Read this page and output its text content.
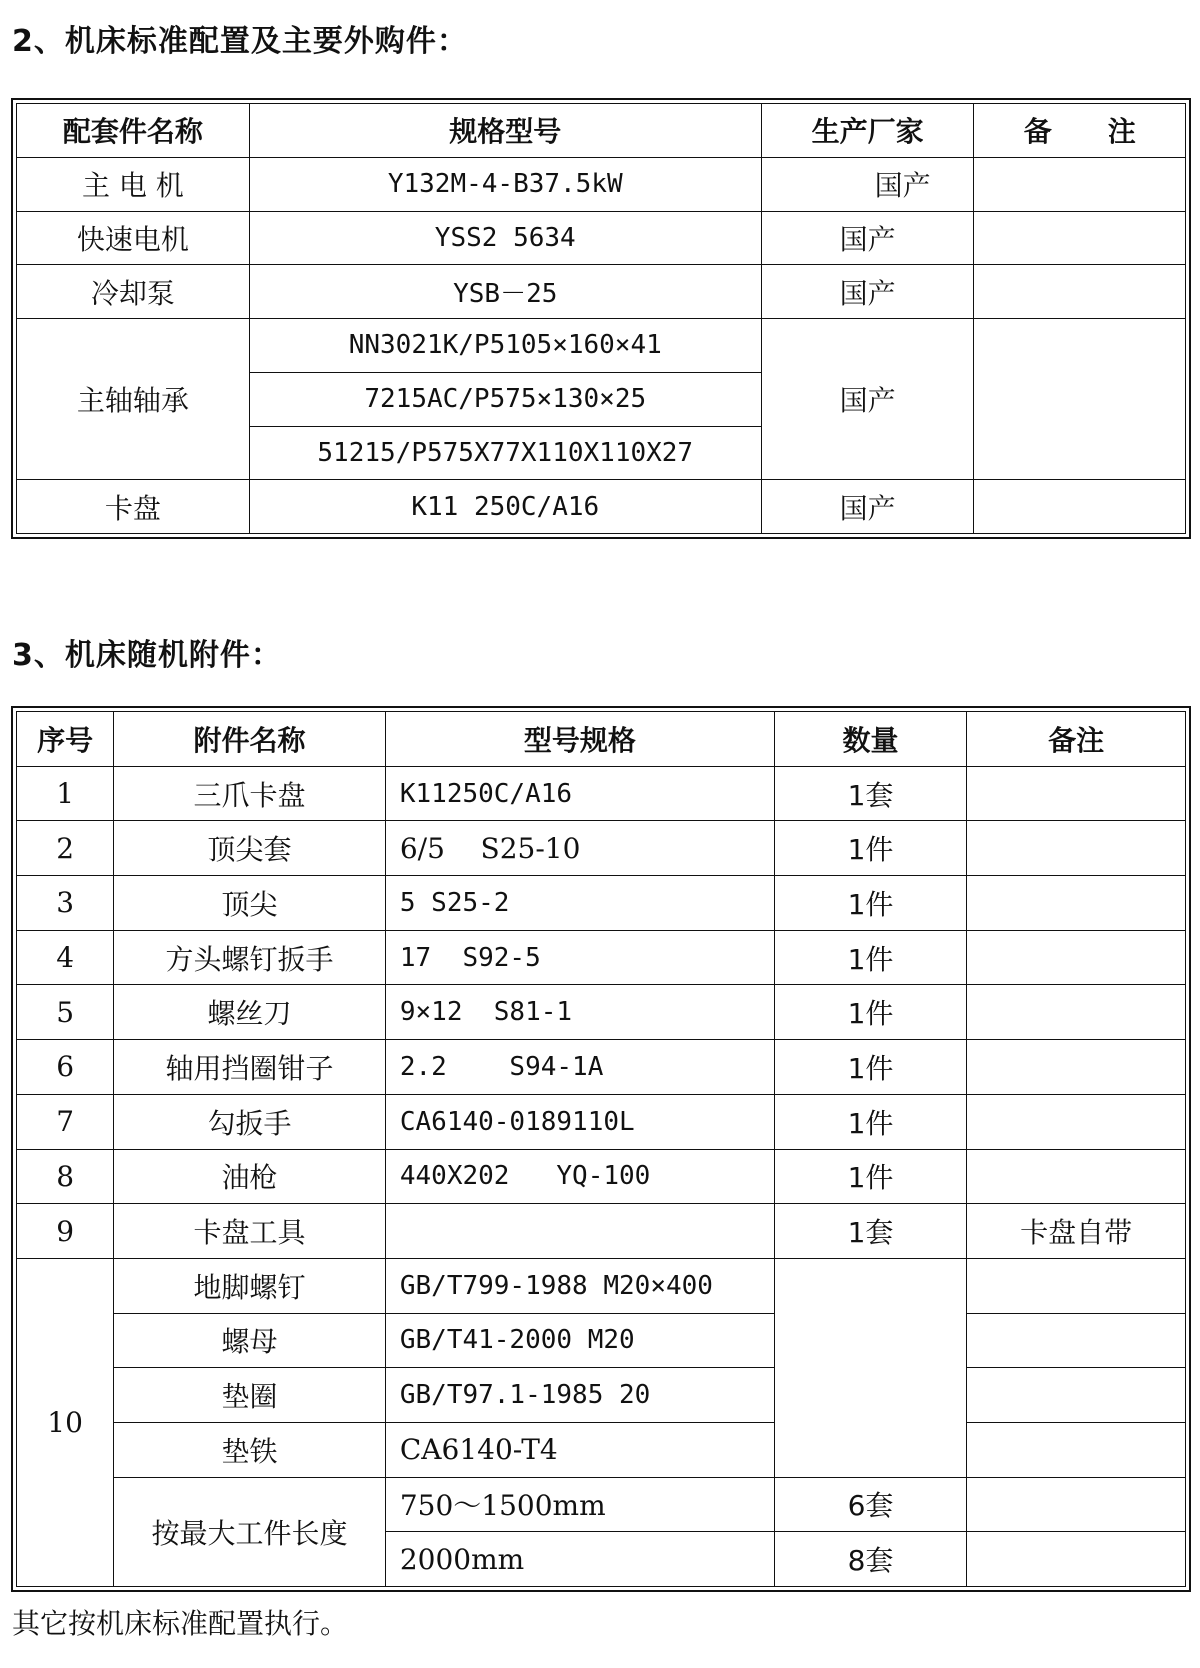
2、机床标准配置及主要外购件：
配套件名称	规格型号	生产厂家	备　　注
主 电 机	Y132M-4-B37.5kW	国产	
快速电机	YSS2 5634	国产	
冷却泵	YSB－25	国产	
主轴轴承	NN3021K/P5105×160×41	国产	
	7215AC/P575×130×25		
	51215/P575X77X110X110X27		
卡盘	K11 250C/A16	国产	
3、机床随机附件：
序号	附件名称	型号规格	数量	备注
1	三爪卡盘	K11250C/A16	1套	
2	顶尖套	6/5    S25-10	1件	
3	顶尖	5 S25-2	1件	
4	方头螺钉扳手	17  S92-5	1件	
5	螺丝刀	9×12  S81-1	1件	
6	轴用挡圈钳子	2.2    S94-1A	1件	
7	勾扳手	CA6140-0189110L	1件	
8	油枪	440X202   YQ-100	1件	
9	卡盘工具		1套	卡盘自带
10	地脚螺钉	GB/T799-1988 M20×400		
	螺母	GB/T41-2000 M20		
	垫圈	GB/T97.1-1985 20		
	垫铁	CA6140-T4		
	按最大工件长度	750～1500mm	6套	
		2000mm	8套	

其它按机床标准配置执行。
